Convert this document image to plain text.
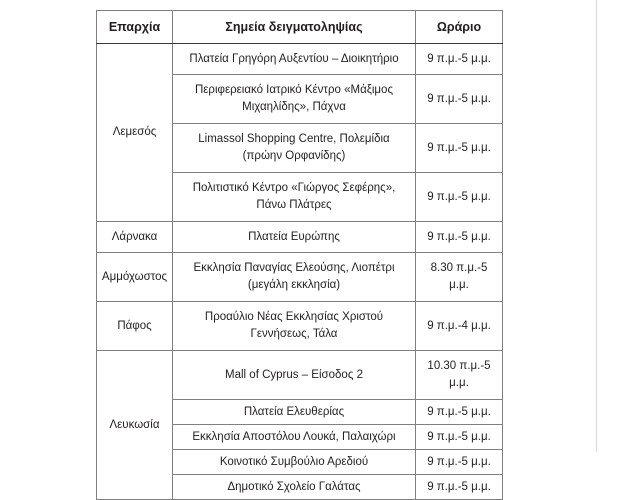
Επαρχία	Σημεία δειγματοληψίας	Ωράριο
Λεμεσός	Πλατεία Γρηγόρη Αυξεντίου – Διοικητήριο	9 π.μ.-5 μ.μ.
	Περιφερειακό Ιατρικό Κέντρο «Μάξιμος Μιχαηλίδης», Πάχνα	9 π.μ.-5 μ.μ.
	Limassol Shopping Centre, Πολεμίδια (πρώην Ορφανίδης)	9 π.μ.-5 μ.μ.
	Πολιτιστικό Κέντρο «Γιώργος Σεφέρης», Πάνω Πλάτρες	9 π.μ.-5 μ.μ.
Λάρνακα	Πλατεία Ευρώπης	9 π.μ.-5 μ.μ.
Αμμόχωστος	Εκκλησία Παναγίας Ελεούσης, Λιοπέτρι (μεγάλη εκκλησία)	8.30 π.μ.-5 μ.μ.
Πάφος	Προαύλιο Νέας Εκκλησίας Χριστού Γεννήσεως, Τάλα	9 π.μ.-4 μ.μ.
Λευκωσία	Mall of Cyprus – Είσοδος 2	10.30 π.μ.-5 μ.μ.
	Πλατεία Ελευθερίας	9 π.μ.-5 μ.μ.
	Εκκλησία Αποστόλου Λουκά, Παλαιχώρι	9 π.μ.-5 μ.μ.
	Κοινοτικό Συμβούλιο Αρεδιού	9 π.μ.-5 μ.μ.
	Δημοτικό Σχολείο Γαλάτας	9 π.μ.-5 μ.μ.
